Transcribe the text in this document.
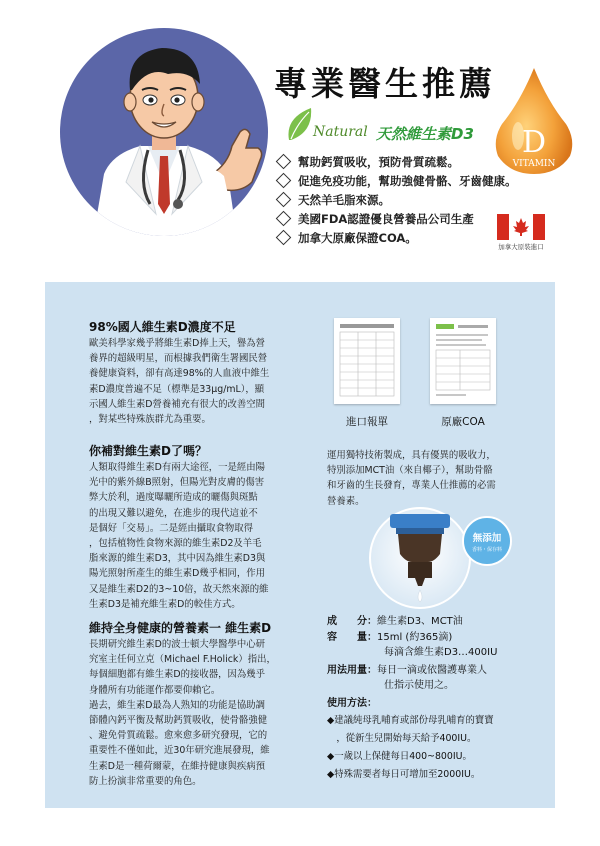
專業醫生推薦
Natural 天然維生素D3
幫助鈣質吸收，預防骨質疏鬆。
促進免疫功能，幫助強健骨骼、牙齒健康。
天然羊毛脂來源。
美國FDA認證優良營養品公司生產
加拿大原廠保證COA。
D
VITAMIN
加拿大原裝進口
98%國人維生素D濃度不足
歐美科學家幾乎將維生素D捧上天，譽為營
養界的超級明星，而根據我們衛生署國民營
養健康資料，卻有高達98%的人血液中維生
素D濃度普遍不足（標準是33μg/mL），顯
示國人維生素D營養補充有很大的改善空間
，對某些特殊族群尤為重要。
你補對維生素D了嗎？
人類取得維生素D有兩大途徑，一是經由陽
光中的紫外線B照射，但陽光對皮膚的傷害
弊大於利，過度曝曬所造成的曬傷與斑點
的出現又難以避免，在進步的現代這並不
是個好「交易」。二是經由攝取食物取得
，包括植物性食物來源的維生素D2及羊毛
脂來源的維生素D3，其中因為維生素D3與
陽光照射所產生的維生素D幾乎相同，作用
又是維生素D2的3~10倍，故天然來源的維
生素D3是補充維生素D的較佳方式。
維持全身健康的營養素一 維生素D
長期研究維生素D的波士頓大學醫學中心研
究室主任何立克（Michael F.Holick）指出，
每個細胞都有維生素D的接收器，因為幾乎
身體所有功能運作都要仰賴它。
過去，維生素D最為人熟知的功能是協助調
節體內鈣平衡及幫助鈣質吸收，使骨骼強健
、避免骨質疏鬆。愈來愈多研究發現，它的
重要性不僅如此，近30年研究進展發現，維
生素D是一種荷爾蒙，在維持健康與疾病預
防上扮演非常重要的角色。
進口報單	原廠COA
運用獨特技術製成，具有優異的吸收力，
特別添加MCT油（來自椰子），幫助骨骼
和牙齒的生長發育，專業人仕推薦的必需
營養素。
無添加
香料・保存料
成　　分：維生素D3、MCT油
容　　量：15ml (約365滴)
每滴含維生素D3…400IU
用法用量：每日一滴或依醫護專業人
仕指示使用之。
使用方法：
◆建議純母乳哺育或部份母乳哺育的寶寶
　，從新生兒開始每天給予400IU。
◆一歲以上保健每日400~800IU。
◆特殊需要者每日可增加至2000IU。
